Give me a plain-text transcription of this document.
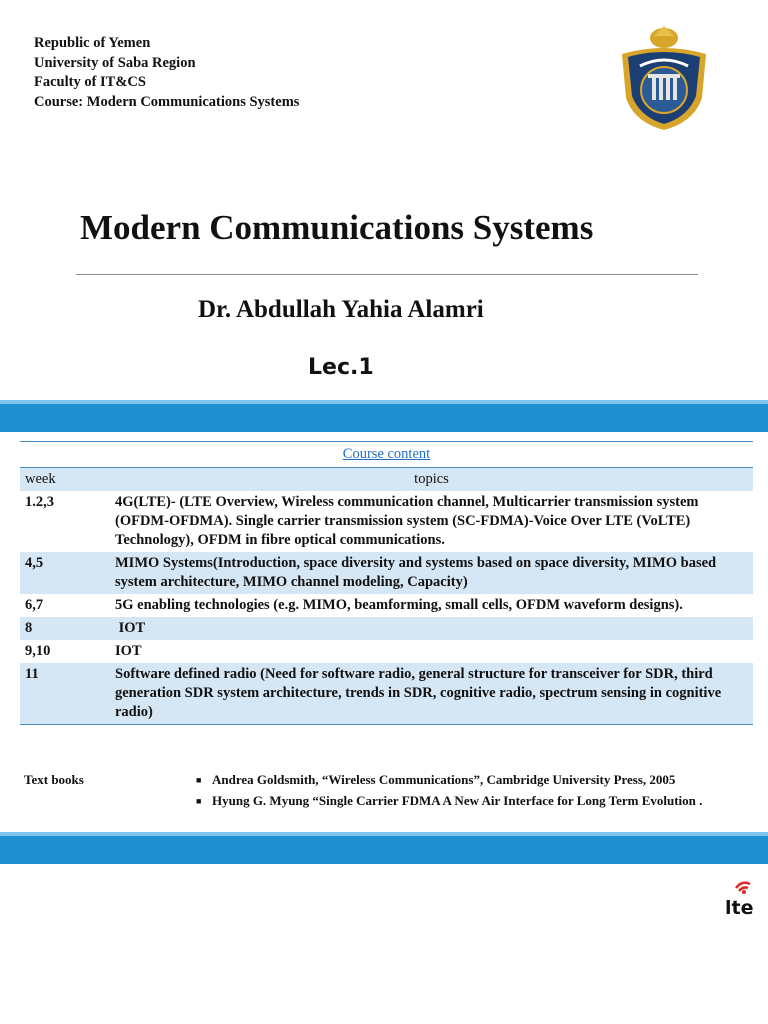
Republic of Yemen
University of Saba Region
Faculty of IT&CS
Course: Modern Communications Systems
Modern Communications Systems
Dr. Abdullah Yahia Alamri
Lec.1
Course content	
week	topics
1.2,3	4G(LTE)- (LTE Overview, Wireless communication channel, Multicarrier transmission system (OFDM-OFDMA). Single carrier transmission system (SC-FDMA)-Voice Over LTE (VoLTE) Technology), OFDM in fibre optical communications.
4,5	MIMO Systems(Introduction, space diversity and systems based on space diversity, MIMO based system architecture, MIMO channel modeling, Capacity)
6,7	5G enabling technologies (e.g. MIMO, beamforming, small cells, OFDM waveform designs).
8	IOT
9,10	IOT
11	Software defined radio (Need for software radio, general structure for transceiver for SDR, third generation SDR system architecture, trends in SDR, cognitive radio, spectrum sensing in cognitive radio)
Text books	■ Andrea Goldsmith, “Wireless Communications”, Cambridge University Press, 2005
■ Hyung G. Myung “Single Carrier FDMA A New Air Interface for Long Term Evolution .
lte
